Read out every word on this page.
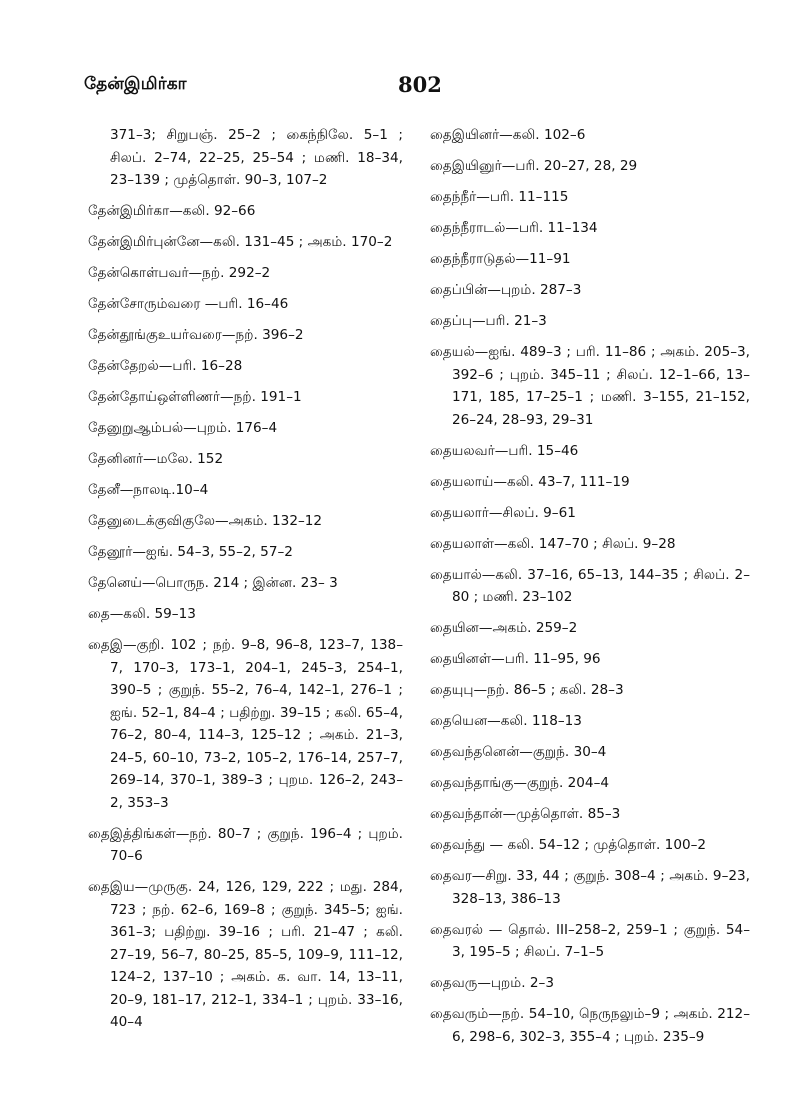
தேன்இமிர்கா	802

371–3; சிறுபஞ். 25–2 ; கைந்நிலே. 5–1 ; சிலப். 2–74, 22–25, 25–54 ; மணி. 18–34, 23–139 ; முத்தொள். 90–3, 107–2

தேன்இமிர்கா—கலி. 92–66

தேன்இமிர்புன்னே—கலி. 131–45 ; அகம். 170–2

தேன்கொள்பவர்—நற். 292–2

தேன்சோரும்வரை —பரி. 16–46

தேன்தூங்குஉயர்வரை—நற். 396–2

தேன்தேறல்—பரி. 16–28

தேன்தோய்ஒள்ளிணர்—நற். 191–1

தேனுறுஆம்பல்—புறம். 176–4

தேனினர்—மலே. 152

தேனீ—நாலடி.10–4

தேனுடைக்குவிகுலே—அகம். 132–12

தேனூர்—ஐங். 54–3, 55–2, 57–2

தேனெய்—பொருந. 214 ; இன்ன. 23– 3

தை—கலி. 59–13

தைஇ—குறி. 102 ; நற். 9–8, 96–8, 123–7, 138–7, 170–3, 173–1, 204–1, 245–3, 254–1, 390–5 ; குறுந். 55–2, 76–4, 142–1, 276–1 ; ஐங். 52–1, 84–4 ; பதிற்று. 39–15 ; கலி. 65–4, 76–2, 80–4, 114–3, 125–12 ; அகம். 21–3, 24–5, 60–10, 73–2, 105–2, 176–14, 257–7, 269–14, 370–1, 389–3 ; புறம. 126–2, 243–2, 353–3

தைஇத்திங்கள்—நற். 80–7 ; குறுந். 196–4 ; புறம். 70–6

தைஇய—முருகு. 24, 126, 129, 222 ; மது. 284, 723 ; நற். 62–6, 169–8 ; குறுந். 345–5; ஐங். 361–3; பதிற்று. 39–16 ; பரி. 21–47 ; கலி. 27–19, 56–7, 80–25, 85–5, 109–9, 111–12, 124–2, 137–10 ; அகம். க. வா. 14, 13–11, 20–9, 181–17, 212–1, 334–1 ; புறம். 33–16, 40–4

தைஇயினர்—கலி. 102–6

தைஇயினுர்—பரி. 20–27, 28, 29

தைந்நீர்—பரி. 11–115

தைந்நீராடல்—பரி. 11–134

தைந்நீராடுதல்—11–91

தைப்பின்—புறம். 287–3

தைப்பு—பரி. 21–3

தையல்—ஐங். 489–3 ; பரி. 11–86 ; அகம். 205–3, 392–6 ; புறம். 345–11 ; சிலப். 12–1–66, 13–171, 185, 17–25–1 ; மணி. 3–155, 21–152, 26–24, 28–93, 29–31

தையலவர்—பரி. 15–46

தையலாய்—கலி. 43–7, 111–19

தையலார்—சிலப். 9–61

தையலாள்—கலி. 147–70 ; சிலப். 9–28

தையால்—கலி. 37–16, 65–13, 144–35 ; சிலப். 2–80 ; மணி. 23–102

தையின—அகம். 259–2

தையினள்—பரி. 11–95, 96

தையுபு—நற். 86–5 ; கலி. 28–3

தையென—கலி. 118–13

தைவந்தனென்—குறுந். 30–4

தைவந்தாங்கு—குறுந். 204–4

தைவந்தான்—முத்தொள். 85–3

தைவந்து — கலி. 54–12 ; முத்தொள். 100–2

தைவர—சிறு. 33, 44 ; குறுந். 308–4 ; அகம். 9–23, 328–13, 386–13

தைவரல் — தொல். III–258–2, 259–1 ; குறுந். 54–3, 195–5 ; சிலப். 7–1–5

தைவரு—புறம். 2–3

தைவரும்—நற். 54–10, நெருநலும்–9 ; அகம். 212–6, 298–6, 302–3, 355–4 ; புறம். 235–9
